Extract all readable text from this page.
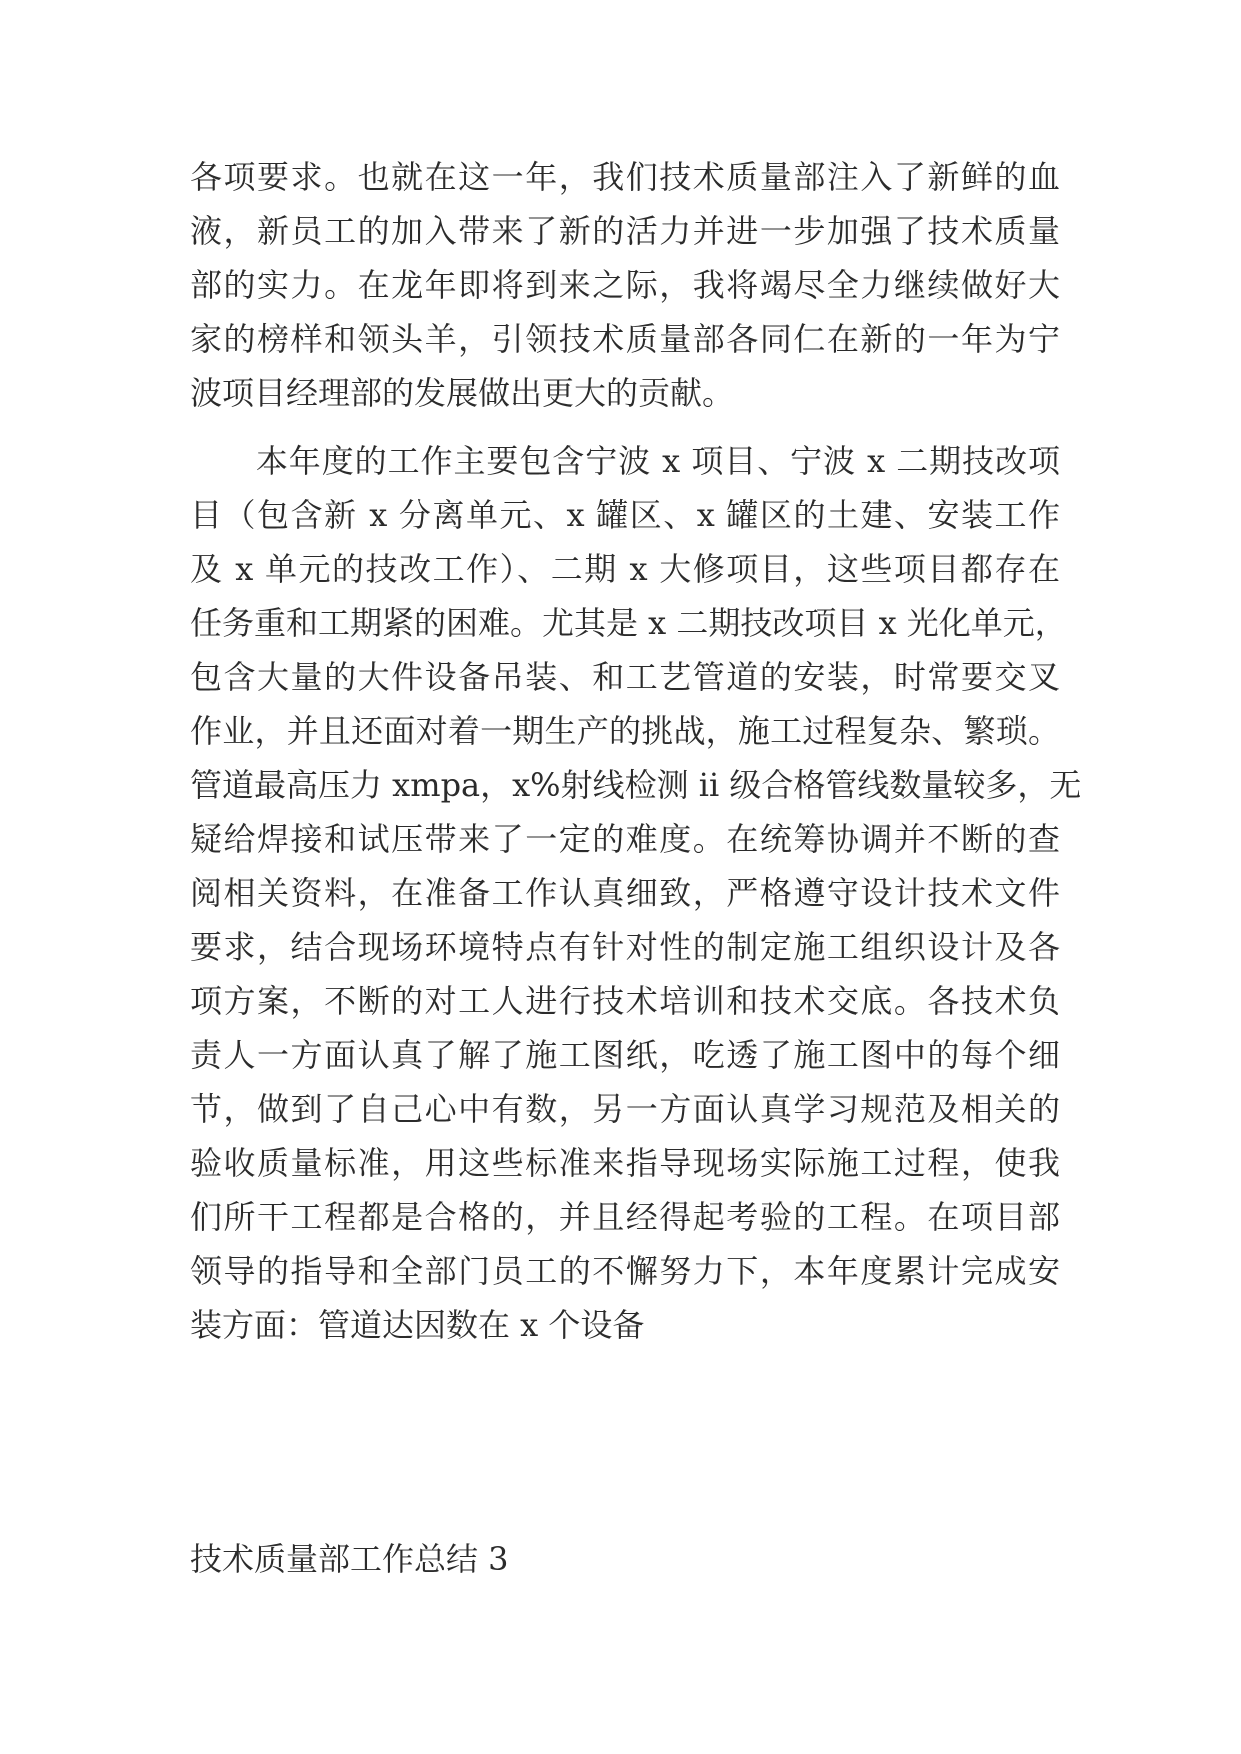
各项要求。也就在这一年，我们技术质量部注入了新鲜的血
液，新员工的加入带来了新的活力并进一步加强了技术质量
部的实力。在龙年即将到来之际，我将竭尽全力继续做好大
家的榜样和领头羊，引领技术质量部各同仁在新的一年为宁
波项目经理部的发展做出更大的贡献。
　　本年度的工作主要包含宁波 x 项目、宁波 x 二期技改项
目（包含新 x 分离单元、x 罐区、x 罐区的土建、安装工作
及 x 单元的技改工作）、二期 x 大修项目，这些项目都存在
任务重和工期紧的困难。尤其是 x 二期技改项目 x 光化单元，
包含大量的大件设备吊装、和工艺管道的安装，时常要交叉
作业，并且还面对着一期生产的挑战，施工过程复杂、繁琐。
管道最高压力 xmpa，x%射线检测 ii 级合格管线数量较多，无
疑给焊接和试压带来了一定的难度。在统筹协调并不断的查
阅相关资料，在准备工作认真细致，严格遵守设计技术文件
要求，结合现场环境特点有针对性的制定施工组织设计及各
项方案，不断的对工人进行技术培训和技术交底。各技术负
责人一方面认真了解了施工图纸，吃透了施工图中的每个细
节，做到了自己心中有数，另一方面认真学习规范及相关的
验收质量标准，用这些标准来指导现场实际施工过程，使我
们所干工程都是合格的，并且经得起考验的工程。在项目部
领导的指导和全部门员工的不懈努力下，本年度累计完成安
装方面：管道达因数在 x 个设备
技术质量部工作总结 3
